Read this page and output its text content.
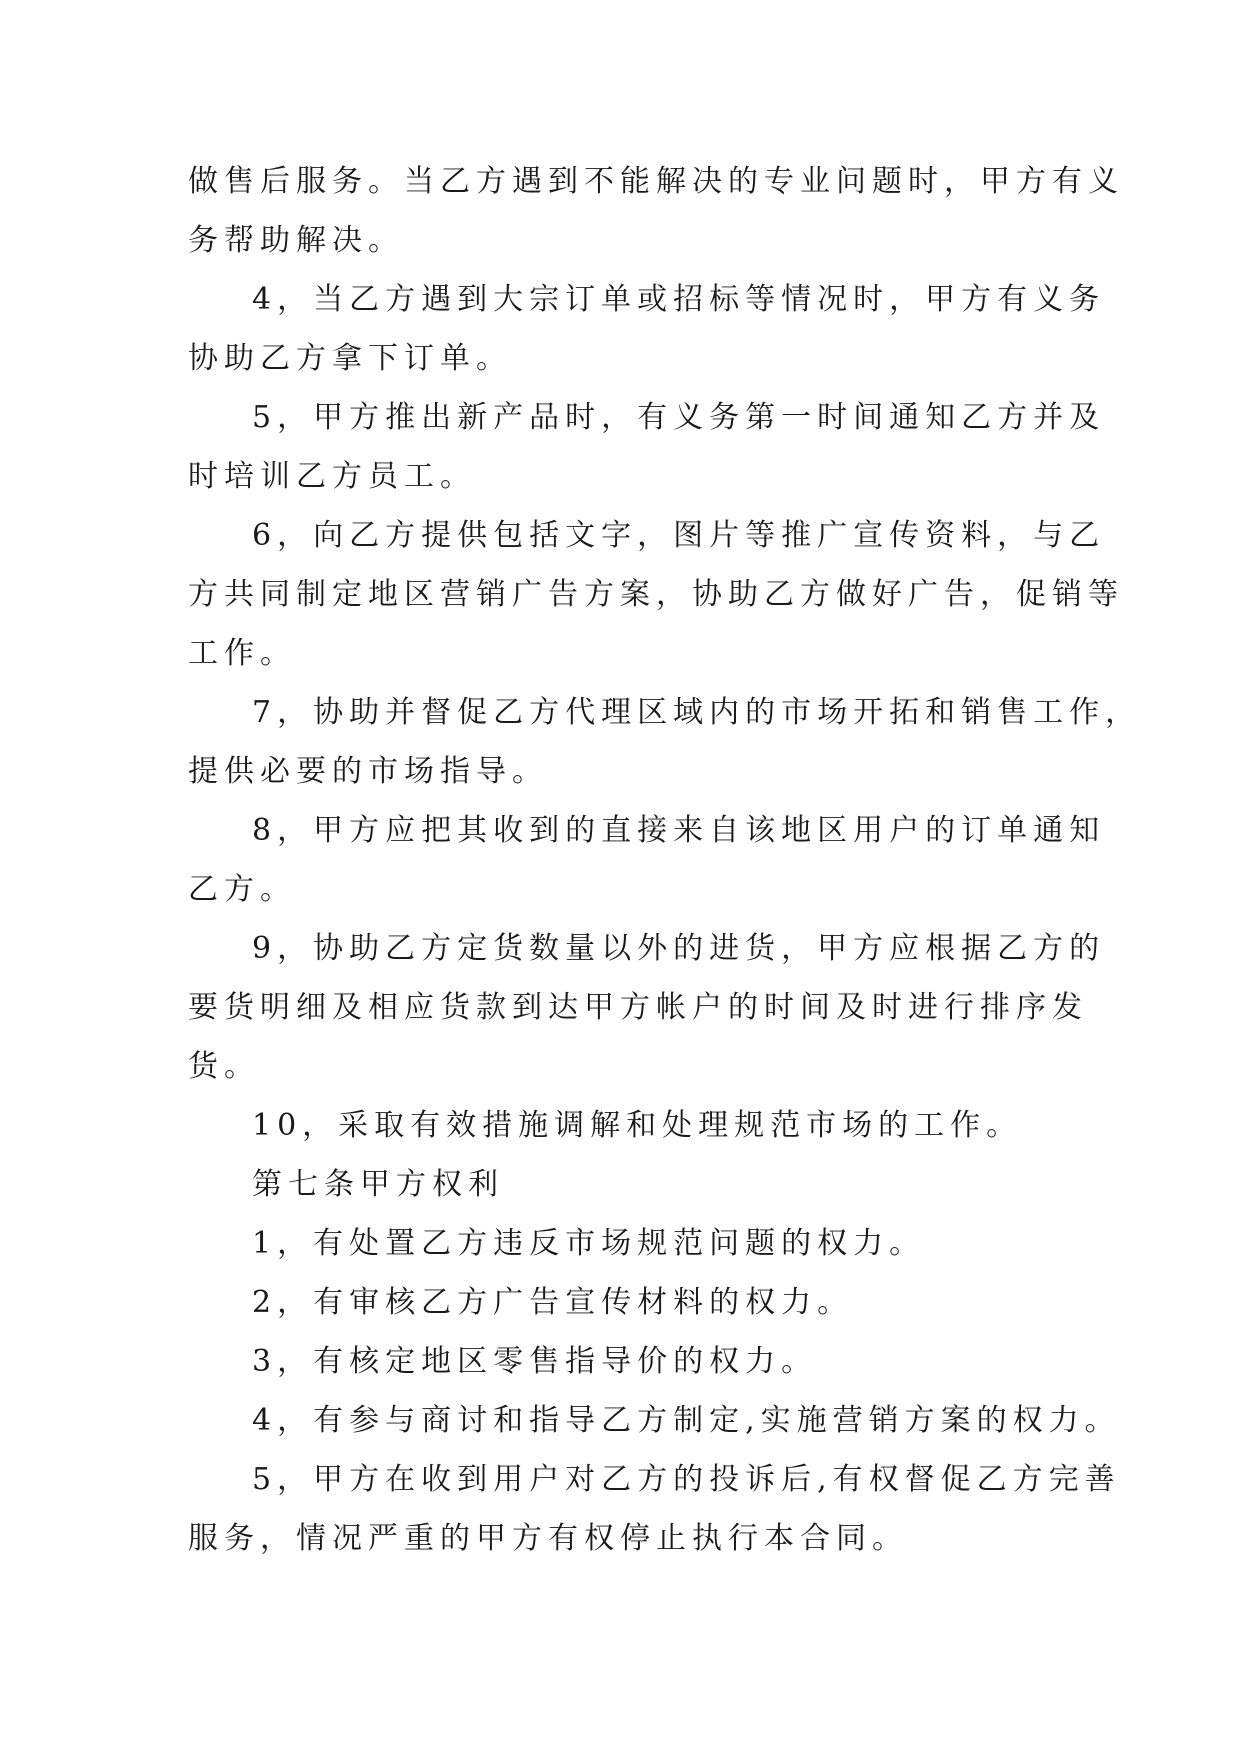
做售后服务。当乙方遇到不能解决的专业问题时，甲方有义

务帮助解决。

4，当乙方遇到大宗订单或招标等情况时，甲方有义务

协助乙方拿下订单。

5，甲方推出新产品时，有义务第一时间通知乙方并及

时培训乙方员工。

6，向乙方提供包括文字，图片等推广宣传资料，与乙

方共同制定地区营销广告方案，协助乙方做好广告，促销等

工作。

7，协助并督促乙方代理区域内的市场开拓和销售工作，

提供必要的市场指导。

8，甲方应把其收到的直接来自该地区用户的订单通知

乙方。

9，协助乙方定货数量以外的进货，甲方应根据乙方的

要货明细及相应货款到达甲方帐户的时间及时进行排序发

货。

10，采取有效措施调解和处理规范市场的工作。

第七条甲方权利

1，有处置乙方违反市场规范问题的权力。

2，有审核乙方广告宣传材料的权力。

3，有核定地区零售指导价的权力。

4，有参与商讨和指导乙方制定,实施营销方案的权力。

5，甲方在收到用户对乙方的投诉后,有权督促乙方完善

服务，情况严重的甲方有权停止执行本合同。
